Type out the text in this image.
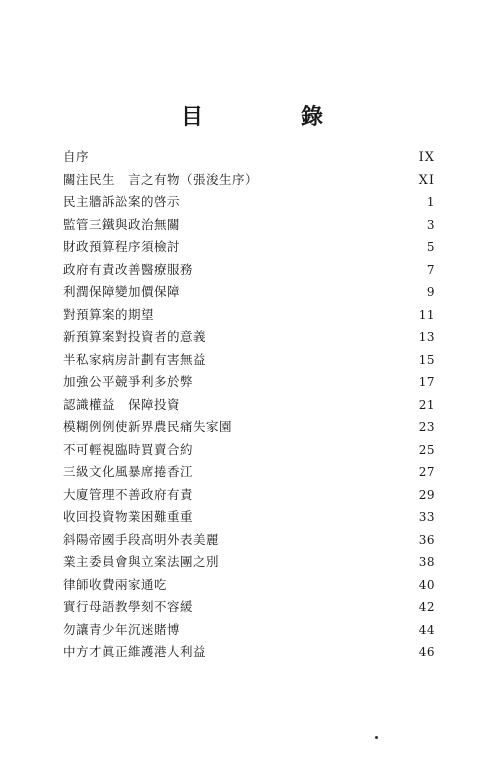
目　錄
自序	IX
關注民生　言之有物（張浚生序）	XI
民主牆訴訟案的啓示	1
監管三鐵與政治無關	3
財政預算程序須檢討	5
政府有責改善醫療服務	7
利潤保障變加價保障	9
對預算案的期望	11
新預算案對投資者的意義	13
半私家病房計劃有害無益	15
加強公平競爭利多於弊	17
認識權益　保障投資	21
模糊例例使新界農民痛失家園	23
不可輕視臨時買賣合約	25
三級文化風暴席捲香江	27
大廈管理不善政府有責	29
收回投資物業困難重重	33
斜陽帝國手段高明外表美麗	36
業主委員會與立案法團之別	38
律師收費兩家通吃	40
實行母語教學刻不容緩	42
勿讓青少年沉迷賭博	44
中方才眞正維護港人利益	46
